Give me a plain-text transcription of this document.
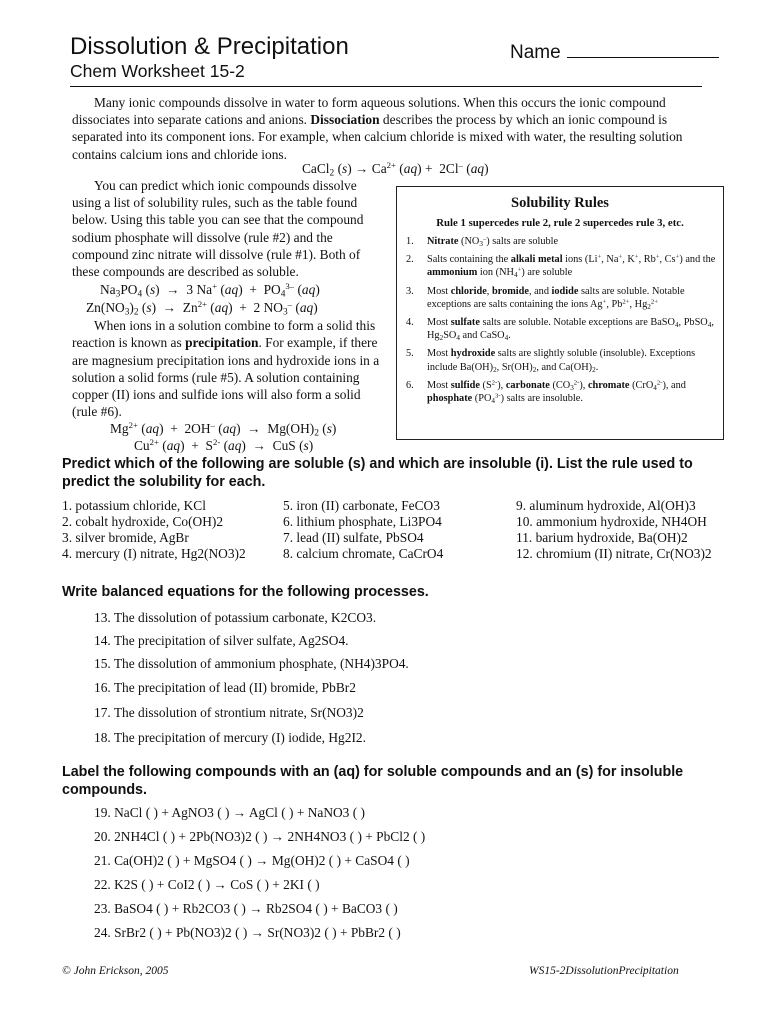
Dissolution & Precipitation
Chem Worksheet 15-2
Name
Many ionic compounds dissolve in water to form aqueous solutions. When this occurs the ionic compound dissociates into separate cations and anions. Dissociation describes the process by which an ionic compound is separated into its component ions. For example, when calcium chloride is mixed with water, the resulting solution contains calcium ions and chloride ions.
CaCl$_2$ $(s) \to Ca^{2+}$ (aq) +  2Cl– (aq)
You can predict which ionic compounds dissolve using a list of solubility rules, such as the table found below. Using this table you can see that the compound sodium phosphate will dissolve (rule #2) and the compound zinc nitrate will dissolve (rule #1). Both of these compounds are described as soluble.
$Na_3PO_4$ (s)  →  3 Na+ $(aq) + PO_4^{3-}$ (aq)
$Zn(NO_3)_2$ $(s) \to Zn^{2+}$ (aq)  +  2 $NO_3^-$ (aq)
When ions in a solution combine to form a solid this reaction is known as precipitation. For example, if there are magnesium precipitation ions and hydroxide ions in a solution a solid forms (rule #5). A solution containing copper (II) ions and sulfide ions will also form a solid (rule #6).
$Mg^{2+}$ (aq)  +  2OH– $(aq) \to Mg(OH)_2$ (s)
$Cu^{2+}$ $(aq) + S^{2-}$ (aq)  →  CuS (s)
Solubility Rules
Rule 1 supercedes rule 2, rule 2 supercedes rule 3, etc.
1. Nitrate $(NO_3^-)$ salts are soluble
2. Salts containing the alkali metal ions (Li+, Na+, K+, Rb+, Cs+) and the ammonium ion $(NH_4^+)$ are soluble
3. Most chloride, bromide, and iodide salts are soluble. Notable exceptions are salts containing the ions Ag+, $Pb^{2+}$, $Hg_2^{2+}$
4. Most sulfate salts are soluble. Notable exceptions are BaSO$_4$, PbSO$_4$, $Hg_2SO_4$ and CaSO$_4$.
5. Most hydroxide salts are slightly soluble (insoluble). Exceptions
include $Ba(OH)_2$, $Sr(OH)_2$, and $Ca(OH)_2$.
6. Most sulfide $(S^{2-})$, carbonate $(CO_3^{2-})$, chromate (CrO$_4^{2-}$), and phosphate $(PO_4^{3-})$ salts are insoluble.
Predict which of the following are soluble (s) and which are insoluble (i). List the rule used to predict the solubility for each.
1. potassium chloride, KCl
2. cobalt hydroxide, Co(OH)2
3. silver bromide, AgBr
4. mercury (I) nitrate, Hg2(NO3)2
5. iron (II) carbonate, FeCO3
6. lithium phosphate, Li3PO4
7. lead (II) sulfate, PbSO4
8. calcium chromate, CaCrO4
9. aluminum hydroxide, Al(OH)3
10. ammonium hydroxide, NH4OH
11. barium hydroxide, Ba(OH)2
12. chromium (II) nitrate, Cr(NO3)2
Write balanced equations for the following processes.
13. The dissolution of potassium carbonate, K2CO3.
14. The precipitation of silver sulfate, Ag2SO4.
15. The dissolution of ammonium phosphate, (NH4)3PO4.
16. The precipitation of lead (II) bromide, PbBr2
17. The dissolution of strontium nitrate, Sr(NO3)2
18. The precipitation of mercury (I) iodide, Hg2I2.
Label the following compounds with an (aq) for soluble compounds and an (s) for insoluble compounds.
19. NaCl ( ) + AgNO3 ( ) → AgCl ( ) + NaNO3 ( )
20. 2NH4Cl ( ) + 2Pb(NO3)2 ( ) → 2NH4NO3 ( ) + PbCl2 ( )
21. Ca(OH)2 ( ) + MgSO4 ( ) → Mg(OH)2 ( ) + CaSO4 ( )
22. K2S ( ) + CoI2 ( ) → CoS ( ) + 2KI ( )
23. BaSO4 ( ) + Rb2CO3 ( ) → Rb2SO4 ( ) + BaCO3 ( )
24. SrBr2 ( ) + Pb(NO3)2 ( ) → Sr(NO3)2 ( ) + PbBr2 ( )
© John Erickson, 2005	WS15-2DissolutionPrecipitation
